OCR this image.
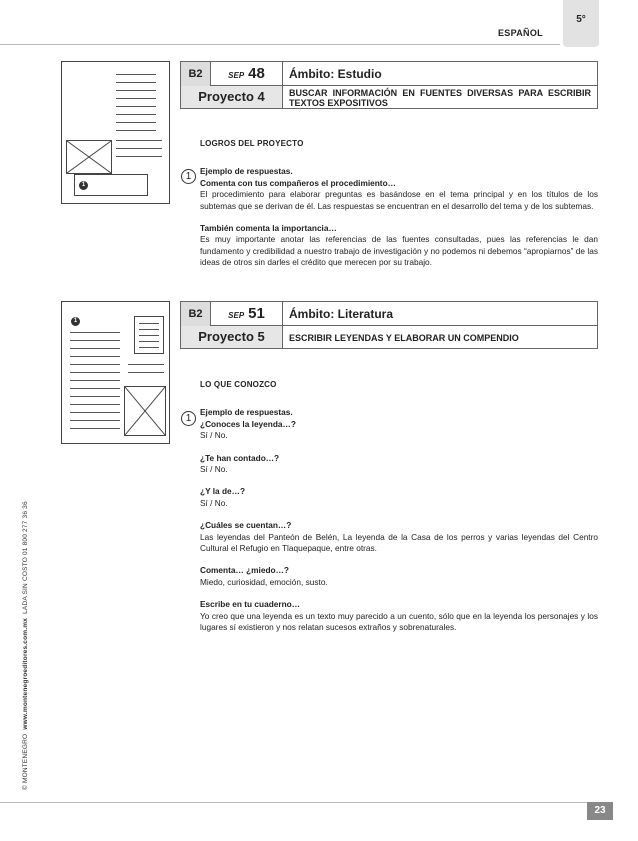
ESPAÑOL
5°
© MONTENEGRO  www.montenegroeditores.com.mx  LADA SIN COSTO 01 800 277 36 36
1
B2	SEP 48	Ámbito: Estudio
Proyecto 4	BUSCAR INFORMACIÓN EN FUENTES DIVERSAS PARA ESCRIBIR TEXTOS EXPOSITIVOS
1
LOGROS DEL PROYECTO
Ejemplo de respuestas.
Comenta con tus compañeros el procedimiento…
El procedimiento para elaborar preguntas es basándose en el tema principal y en los títulos de los subtemas que se derivan de él. Las respuestas se encuentran en el desarrollo del tema y de los subtemas.
También comenta la importancia…
Es muy importante anotar las referencias de las fuentes consultadas, pues las referencias le dan fundamento y credibilidad a nuestro trabajo de investigación y no podemos ni debemos “apropiarnos” de las ideas de otros sin darles el crédito que merecen por su trabajo.
1
B2	SEP 51	Ámbito: Literatura
Proyecto 5	ESCRIBIR LEYENDAS Y ELABORAR UN COMPENDIO
1
LO QUE CONOZCO
Ejemplo de respuestas.
¿Conoces la leyenda…?
Sí / No.
¿Te han contado…?
Sí / No.
¿Y la de…?
Sí / No.
¿Cuáles se cuentan…?
Las leyendas del Panteón de Belén, La leyenda de la Casa de los perros y varias leyendas del Centro Cultural el Refugio en Tlaquepaque, entre otras.
Comenta… ¿miedo…?
Miedo, curiosidad, emoción, susto.
Escribe en tu cuaderno…
Yo creo que una leyenda es un texto muy parecido a un cuento, sólo que en la leyenda los personajes y los lugares sí existieron y nos relatan sucesos extraños y sobrenaturales.
23
